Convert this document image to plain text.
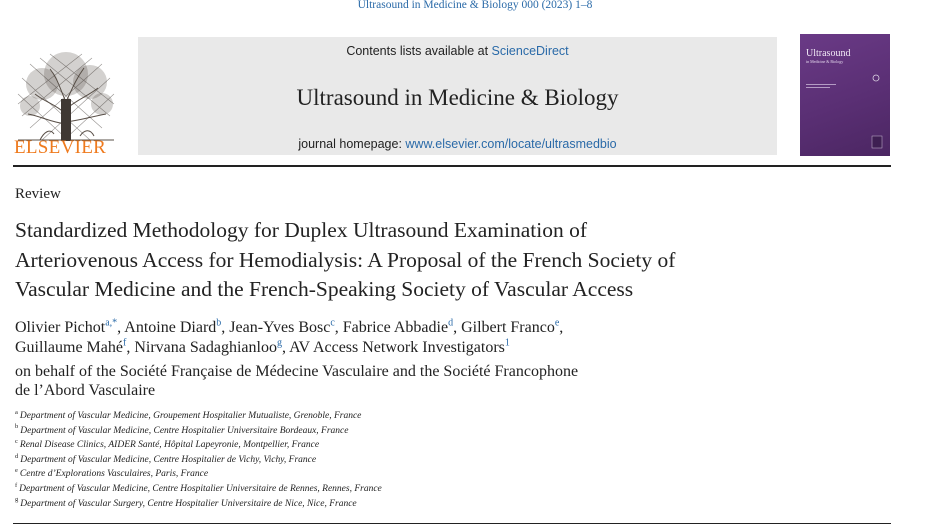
Ultrasound in Medicine & Biology 000 (2023) 1–8
ELSEVIER
Contents lists available at ScienceDirect
Ultrasound in Medicine & Biology
journal homepage: www.elsevier.com/locate/ultrasmedbio
Ultrasound
in Medicine & Biology
Review
Standardized Methodology for Duplex Ultrasound Examination of
Arteriovenous Access for Hemodialysis: A Proposal of the French Society of
Vascular Medicine and the French-Speaking Society of Vascular Access
Olivier Pichot$^{a,*}$, Antoine Diard$^b$, Jean-Yves Bosc$^c$, Fabrice Abbadie$^d$, Gilbert Franco$^e$,
Guillaume Mahé$^f$, Nirvana Sadaghianloo$^g$, AV Access Network Investigators$^1$
on behalf of the Société Française de Médecine Vasculaire and the Société Francophone
de l’Abord Vasculaire
$^a$ Department of Vascular Medicine, Groupement Hospitalier Mutualiste, Grenoble, France
$^b$ Department of Vascular Medicine, Centre Hospitalier Universitaire Bordeaux, France
$^c$ Renal Disease Clinics, AIDER Santé, Hôpital Lapeyronie, Montpellier, France
$^d$ Department of Vascular Medicine, Centre Hospitalier de Vichy, Vichy, France
$^e$ Centre d’Explorations Vasculaires, Paris, France
$^f$ Department of Vascular Medicine, Centre Hospitalier Universitaire de Rennes, Rennes, France
$^g$ Department of Vascular Surgery, Centre Hospitalier Universitaire de Nice, Nice, France
